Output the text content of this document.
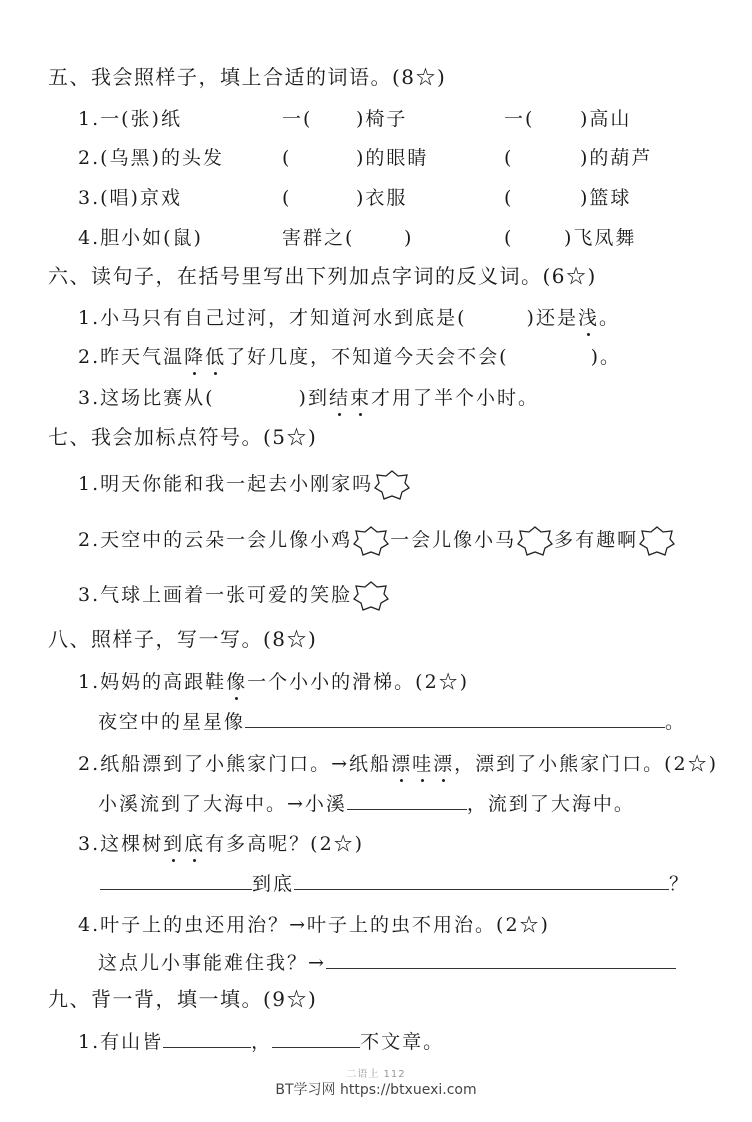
五、我会照样子，填上合适的词语。(8☆)
1.一(张)纸	一( )椅子	一( )高山
2.(乌黑)的头发	(	)的眼睛	(	)的葫芦
3.(唱)京戏	(	)衣服	(	)篮球
4.胆小如(鼠)	害群之(	)	(	)飞凤舞
六、读句子，在括号里写出下列加点字词的反义词。(6☆)
1.小马只有自己过河，才知道河水到底是(	)还是浅。
2.昨天气温降低了好几度，不知道今天会不会(	)。
3.这场比赛从(	)到结束才用了半个小时。
七、我会加标点符号。(5☆)
1.明天你能和我一起去小刚家吗
2.天空中的云朵一会儿像小鸡 一会儿像小马 多有趣啊
3.气球上画着一张可爱的笑脸
八、照样子，写一写。(8☆)
1.妈妈的高跟鞋像一个小小的滑梯。(2☆)
夜空中的星星像	。
2.纸船漂到了小熊家门口。→纸船漂哇漂，漂到了小熊家门口。(2☆)
小溪流到了大海中。→小溪	，流到了大海中。
3.这棵树到底有多高呢？(2☆)
到底	？
4.叶子上的虫还用治？→叶子上的虫不用治。(2☆)
这点儿小事能难住我？→
九、背一背，填一填。(9☆)
1.有山皆	，	不文章。
二语上 112
BT学习网 https://btxuexi.com
